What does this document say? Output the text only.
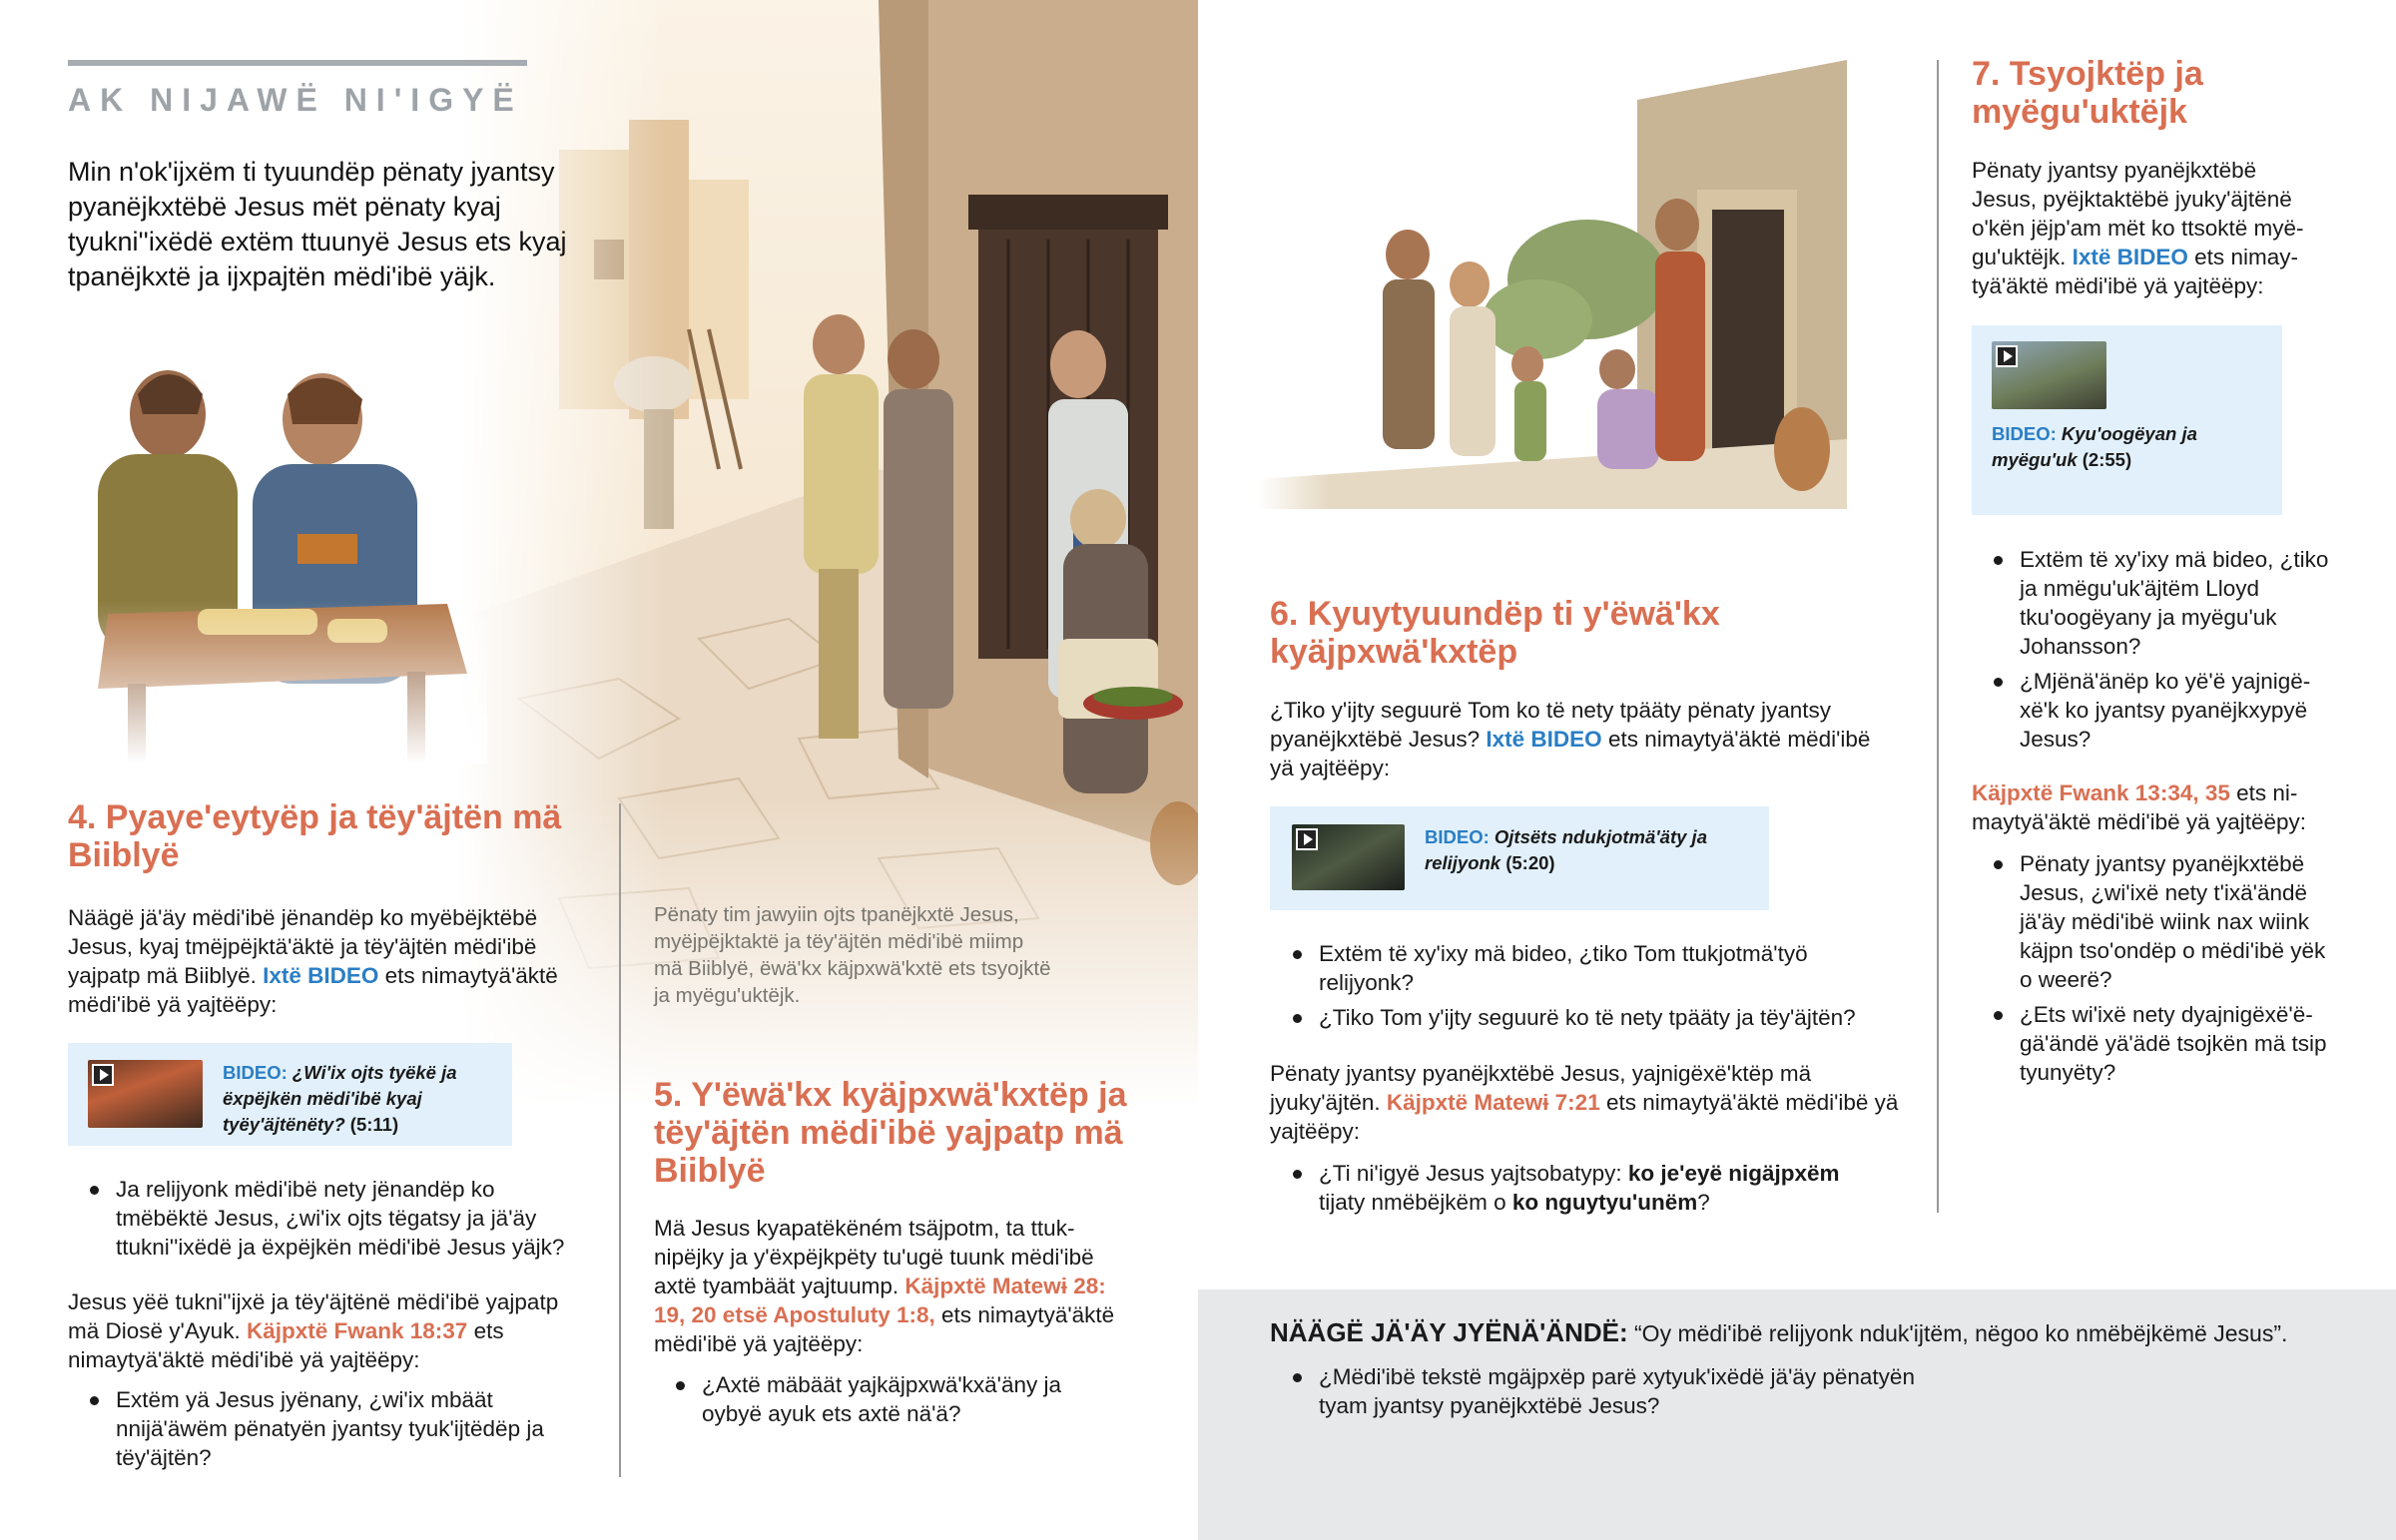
AK NIJAWË NI'IGYË
Min n'ok'ijxëm ti tyuundëp pënaty jyantsy pyanëjkxtëbë Jesus mët pënaty kyaj tyukni''ixëdë extëm ttuunyë Jesus ets kyaj tpanëjkxtë ja ijxpajtën mëdi'ibë yäjk.
4. Pyaye'eytyëp ja tëy'äjtën mä Biiblyë
Näägë jä'äy mëdi'ibë jënandëp ko myëbëjktëbë Jesus, kyaj tmëjpëjktä'äktë ja tëy'äjtën mëdi'ibë yajpatp mä Biiblyë. Ixtë BIDEO ets nimaytyä'äktë mëdi'ibë yä yajtëëpy:
BIDEO: ¿Wi'ix ojts tyëkë ja ëxpëjkën mëdi'ibë kyaj tyëy'äjtënëty? (5:11)
Ja relijyonk mëdi'ibë nety jënandëp ko tmëbëktë Jesus, ¿wi'ix ojts tëgatsy ja jä'äy ttukni''ixëdë ja ëxpëjkën mëdi'ibë Jesus yäjk?
Jesus yëë tukni''ijxë ja tëy'äjtënë mëdi'ibë yajpatp mä Diosë y'Ayuk. Käjpxtë Fwank 18:37 ets nimaytyä'äktë mëdi'ibë yä yajtëëpy:
Extëm yä Jesus jyënany, ¿wi'ix mbäät nnijä'äwëm pënatyën jyantsy tyuk'ijtëdëp ja tëy'äjtën?
Pënaty tim jawyiin ojts tpanëjkxtë Jesus, myëjpëjktaktë ja tëy'äjtën mëdi'ibë miimp mä Biiblyë, ëwä'kx käjpxwä'kxtë ets tsyojktë ja myëgu'uktëjk.
5. Y'ëwä'kx kyäjpxwä'kxtëp ja tëy'äjtën mëdi'ibë yajpatp mä Biiblyë
Mä Jesus kyapatëkëném tsäjpotm, ta ttuk-nipëjky ja y'ëxpëjkpëty tu'ugë tuunk mëdi'ibë axtë tyambäät yajtuump. Käjpxtë Matewɨ 28: 19, 20 etsë Apostuluty 1:8, ets nimaytyä'äktë mëdi'ibë yä yajtëëpy:
¿Axtë mäbäät yajkäjpxwä'kxä'äny ja oybyë ayuk ets axtë nä'ä?
6. Kyuytyuundëp ti y'ëwä'kx kyäjpxwä'kxtëp
¿Tiko y'ijty seguurë Tom ko të nety tpääty pënaty jyantsy pyanëjkxtëbë Jesus? Ixtë BIDEO ets nimaytyä'äktë mëdi'ibë yä yajtëëpy:
BIDEO: Ojtsëts ndukjotmä'äty ja relijyonk (5:20)
Extëm të xy'ixy mä bideo, ¿tiko Tom ttukjotmä'työ relijyonk?
¿Tiko Tom y'ijty seguurë ko të nety tpääty ja tëy'äjtën?
Pënaty jyantsy pyanëjkxtëbë Jesus, yajnigëxë'ktëp mä jyuky'äjtën. Käjpxtë Matewɨ 7:21 ets nimaytyä'äktë mëdi'ibë yä yajtëëpy:
¿Ti ni'igyë Jesus yajtsobatypy: ko je'eyë nigäjpxëm tijaty nmëbëjkëm o ko nguytyu'unëm?
7. Tsyojktëp ja myëgu'uktëjk
Pënaty jyantsy pyanëjkxtëbë Jesus, pyëjktaktëbë jyuky'äjtënë o'kën jëjp'am mët ko ttsoktë myë-gu'uktëjk. Ixtë BIDEO ets nimay-tyä'äktë mëdi'ibë yä yajtëëpy:
BIDEO: Kyu'oogëyan ja myëgu'uk (2:55)
Extëm të xy'ixy mä bideo, ¿tiko ja nmëgu'uk'äjtëm Lloyd tku'oogëyany ja myëgu'uk Johansson?
¿Mjënä'änëp ko yë'ë yajnigë-xë'k ko jyantsy pyanëjkxypyë Jesus?
Käjpxtë Fwank 13:34, 35 ets ni-maytyä'äktë mëdi'ibë yä yajtëëpy:
Pënaty jyantsy pyanëjkxtëbë Jesus, ¿wi'ixë nety t'ixä'ändë jä'äy mëdi'ibë wiink nax wiink käjpn tso'ondëp o mëdi'ibë yëk o weerë?
¿Ets wi'ixë nety dyajnigëxë'ë-gä'ändë yä'ädë tsojkën mä tsip tyunyëty?
NÄÄGË JÄ'ÄY JYËNÄ'ÄNDË: “Oy mëdi'ibë relijyonk nduk'ijtëm, nëgoo ko nmëbëjkëmë Jesus”.
¿Mëdi'ibë tekstë mgäjpxëp parë xytyuk'ixëdë jä'äy pënatyën tyam jyantsy pyanëjkxtëbë Jesus?
